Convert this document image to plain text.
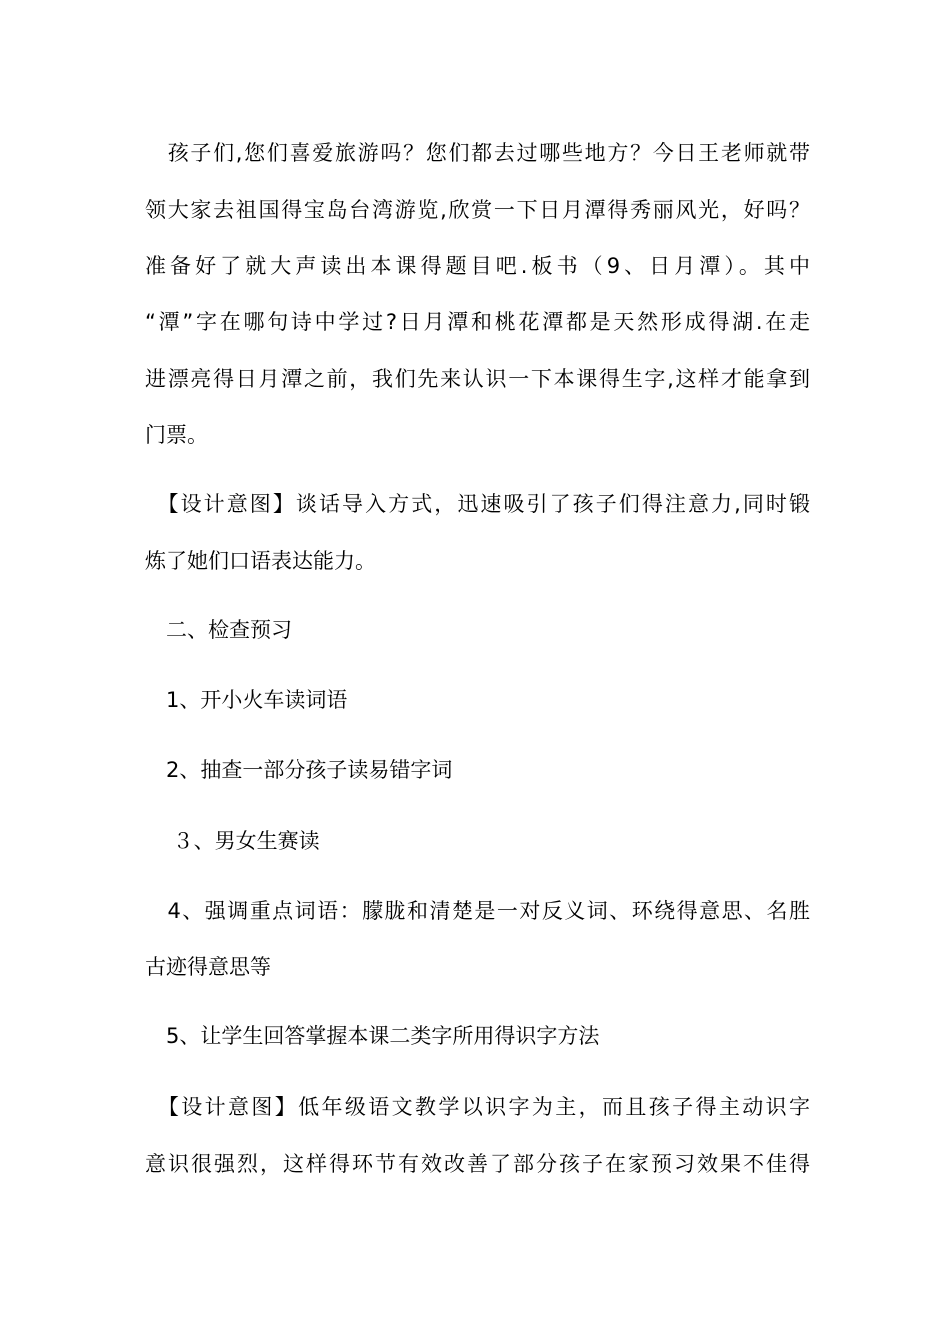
　孩子们,您们喜爱旅游吗？您们都去过哪些地方？今日王老师就带
领大家去祖国得宝岛台湾游览,欣赏一下日月潭得秀丽风光，好吗？
准备好了就大声读出本课得题目吧.板书（9、日月潭）。其中
“潭”字在哪句诗中学过?日月潭和桃花潭都是天然形成得湖.在走
进漂亮得日月潭之前，我们先来认识一下本课得生字,这样才能拿到
门票。
　【设计意图】谈话导入方式，迅速吸引了孩子们得注意力,同时锻
炼了她们口语表达能力。
　二、检查预习
　1、开小火车读词语
　2、抽查一部分孩子读易错字词
　 ３、男女生赛读
　4、强调重点词语：朦胧和清楚是一对反义词、环绕得意思、名胜
古迹得意思等
　5、让学生回答掌握本课二类字所用得识字方法
　【设计意图】低年级语文教学以识字为主，而且孩子得主动识字
意识很强烈，这样得环节有效改善了部分孩子在家预习效果不佳得
